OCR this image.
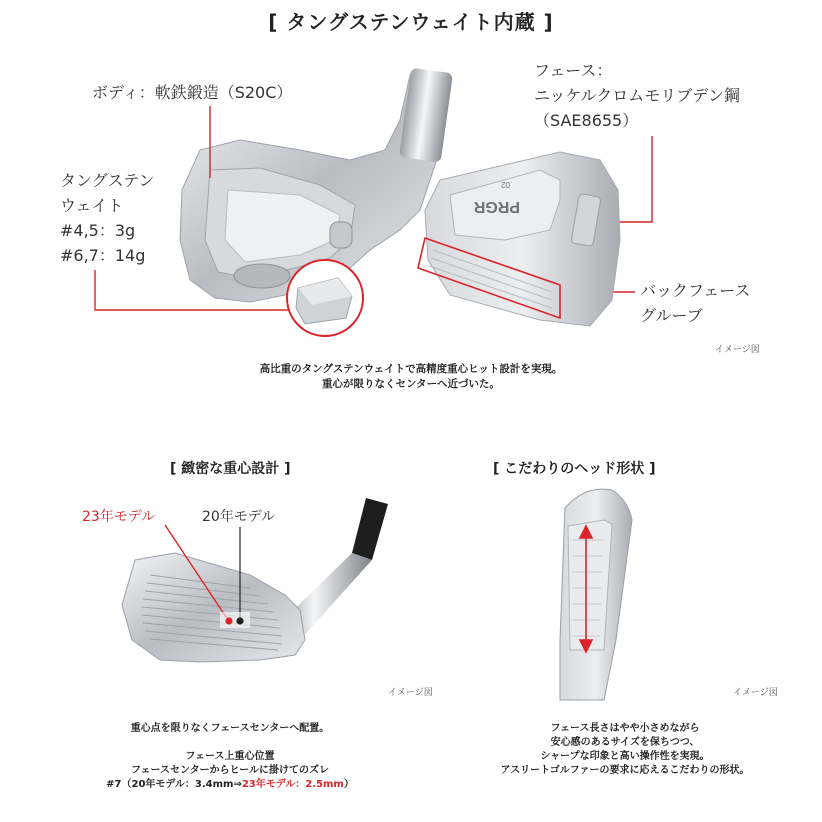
[ タングステンウェイト内蔵 ]
PRGR
02
ボディ：軟鉄鍛造（S20C）
フェース：
ニッケルクロムモリブデン鋼
（SAE8655）
タングステン
ウェイト
#4,5：3g
#6,7：14g
バックフェース
グルーブ
イメージ図
高比重のタングステンウェイトで高精度重心ヒット設計を実現。
重心が限りなくセンターへ近づいた。
[ 緻密な重心設計 ]
23年モデル	20年モデル
イメージ図
重心点を限りなくフェースセンターへ配置。
フェース上重心位置
フェースセンターからヒールに掛けてのズレ
#7（20年モデル：3.4mm⇒23年モデル：2.5mm）
[ こだわりのヘッド形状 ]
イメージ図
フェース長さはやや小さめながら
安心感のあるサイズを保ちつつ、
シャープな印象と高い操作性を実現。
アスリートゴルファーの要求に応えるこだわりの形状。
